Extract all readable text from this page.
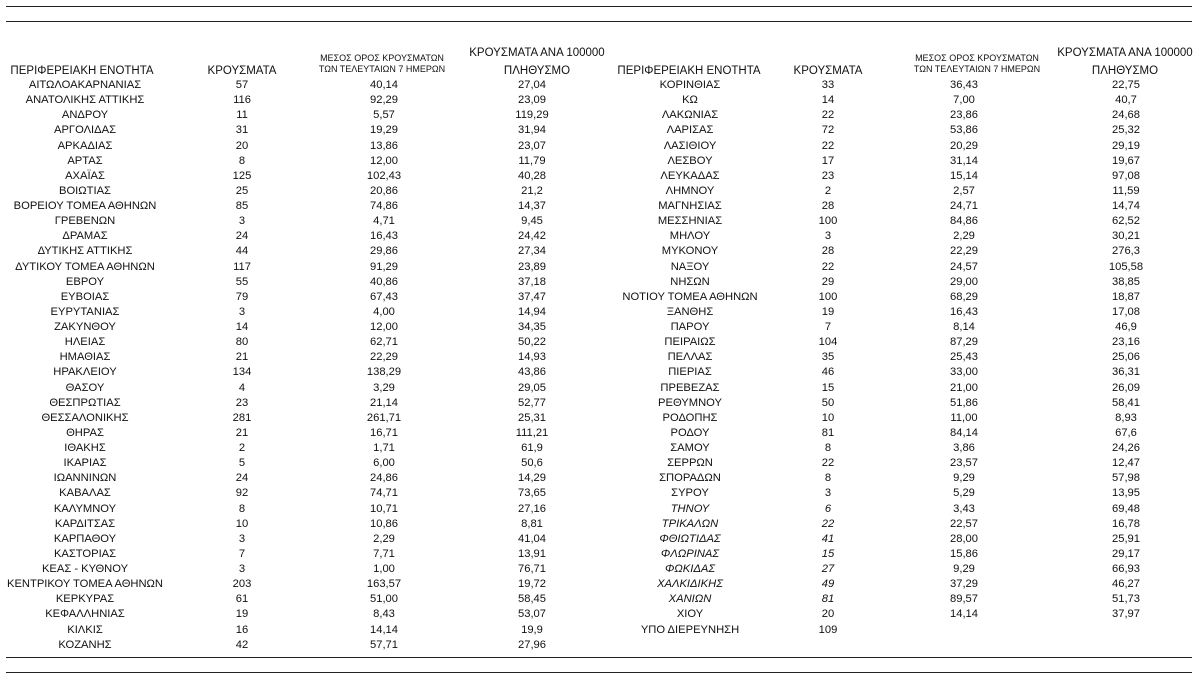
ΠΕΡΙΦΕΡΕΙΑΚΗ ΕΝΟΤΗΤΑ	ΚΡΟΥΣΜΑΤΑ
ΜΕΣΟΣ ΟΡΟΣ ΚΡΟΥΣΜΑΤΩΝ
ΤΩΝ ΤΕΛΕΥΤΑΙΩΝ 7 ΗΜΕΡΩΝ
ΚΡΟΥΣΜΑΤΑ ΑΝΑ 100000
ΠΛΗΘΥΣΜΟ
ΑΙΤΩΛΟΑΚΑΡΝΑΝΙΑΣ	57	40,14	27,04
ΑΝΑΤΟΛΙΚΗΣ ΑΤΤΙΚΗΣ	116	92,29	23,09
ΑΝΔΡΟΥ	11	5,57	119,29
ΑΡΓΟΛΙΔΑΣ	31	19,29	31,94
ΑΡΚΑΔΙΑΣ	20	13,86	23,07
ΑΡΤΑΣ	8	12,00	11,79
ΑΧΑΪΑΣ	125	102,43	40,28
ΒΟΙΩΤΙΑΣ	25	20,86	21,2
ΒΟΡΕΙΟΥ ΤΟΜΕΑ ΑΘΗΝΩΝ	85	74,86	14,37
ΓΡΕΒΕΝΩΝ	3	4,71	9,45
ΔΡΑΜΑΣ	24	16,43	24,42
ΔΥΤΙΚΗΣ ΑΤΤΙΚΗΣ	44	29,86	27,34
ΔΥΤΙΚΟΥ ΤΟΜΕΑ ΑΘΗΝΩΝ	117	91,29	23,89
ΕΒΡΟΥ	55	40,86	37,18
ΕΥΒΟΙΑΣ	79	67,43	37,47
ΕΥΡΥΤΑΝΙΑΣ	3	4,00	14,94
ΖΑΚΥΝΘΟΥ	14	12,00	34,35
ΗΛΕΙΑΣ	80	62,71	50,22
ΗΜΑΘΙΑΣ	21	22,29	14,93
ΗΡΑΚΛΕΙΟΥ	134	138,29	43,86
ΘΑΣΟΥ	4	3,29	29,05
ΘΕΣΠΡΩΤΙΑΣ	23	21,14	52,77
ΘΕΣΣΑΛΟΝΙΚΗΣ	281	261,71	25,31
ΘΗΡΑΣ	21	16,71	111,21
ΙΘΑΚΗΣ	2	1,71	61,9
ΙΚΑΡΙΑΣ	5	6,00	50,6
ΙΩΑΝΝΙΝΩΝ	24	24,86	14,29
ΚΑΒΑΛΑΣ	92	74,71	73,65
ΚΑΛΥΜΝΟΥ	8	10,71	27,16
ΚΑΡΔΙΤΣΑΣ	10	10,86	8,81
ΚΑΡΠΑΘΟΥ	3	2,29	41,04
ΚΑΣΤΟΡΙΑΣ	7	7,71	13,91
ΚΕΑΣ - ΚΥΘΝΟΥ	3	1,00	76,71
ΚΕΝΤΡΙΚΟΥ ΤΟΜΕΑ ΑΘΗΝΩΝ	203	163,57	19,72
ΚΕΡΚΥΡΑΣ	61	51,00	58,45
ΚΕΦΑΛΛΗΝΙΑΣ	19	8,43	53,07
ΚΙΛΚΙΣ	16	14,14	19,9
ΚΟΖΑΝΗΣ	42	57,71	27,96
ΠΕΡΙΦΕΡΕΙΑΚΗ ΕΝΟΤΗΤΑ	ΚΡΟΥΣΜΑΤΑ
ΜΕΣΟΣ ΟΡΟΣ ΚΡΟΥΣΜΑΤΩΝ
ΤΩΝ ΤΕΛΕΥΤΑΙΩΝ 7 ΗΜΕΡΩΝ
ΚΡΟΥΣΜΑΤΑ ΑΝΑ 100000
ΠΛΗΘΥΣΜΟ
ΚΟΡΙΝΘΙΑΣ	33	36,43	22,75
ΚΩ	14	7,00	40,7
ΛΑΚΩΝΙΑΣ	22	23,86	24,68
ΛΑΡΙΣΑΣ	72	53,86	25,32
ΛΑΣΙΘΙΟΥ	22	20,29	29,19
ΛΕΣΒΟΥ	17	31,14	19,67
ΛΕΥΚΑΔΑΣ	23	15,14	97,08
ΛΗΜΝΟΥ	2	2,57	11,59
ΜΑΓΝΗΣΙΑΣ	28	24,71	14,74
ΜΕΣΣΗΝΙΑΣ	100	84,86	62,52
ΜΗΛΟΥ	3	2,29	30,21
ΜΥΚΟΝΟΥ	28	22,29	276,3
ΝΑΞΟΥ	22	24,57	105,58
ΝΗΣΩΝ	29	29,00	38,85
ΝΟΤΙΟΥ ΤΟΜΕΑ ΑΘΗΝΩΝ	100	68,29	18,87
ΞΑΝΘΗΣ	19	16,43	17,08
ΠΑΡΟΥ	7	8,14	46,9
ΠΕΙΡΑΙΩΣ	104	87,29	23,16
ΠΕΛΛΑΣ	35	25,43	25,06
ΠΙΕΡΙΑΣ	46	33,00	36,31
ΠΡΕΒΕΖΑΣ	15	21,00	26,09
ΡΕΘΥΜΝΟΥ	50	51,86	58,41
ΡΟΔΟΠΗΣ	10	11,00	8,93
ΡΟΔΟΥ	81	84,14	67,6
ΣΑΜΟΥ	8	3,86	24,26
ΣΕΡΡΩΝ	22	23,57	12,47
ΣΠΟΡΑΔΩΝ	8	9,29	57,98
ΣΥΡΟΥ	3	5,29	13,95
ΤΗΝΟΥ	6	3,43	69,48
ΤΡΙΚΑΛΩΝ	22	22,57	16,78
ΦΘΙΩΤΙΔΑΣ	41	28,00	25,91
ΦΛΩΡΙΝΑΣ	15	15,86	29,17
ΦΩΚΙΔΑΣ	27	9,29	66,93
ΧΑΛΚΙΔΙΚΗΣ	49	37,29	46,27
ΧΑΝΙΩΝ	81	89,57	51,73
ΧΙΟΥ	20	14,14	37,97
ΥΠΟ ΔΙΕΡΕΥΝΗΣΗ	109		
